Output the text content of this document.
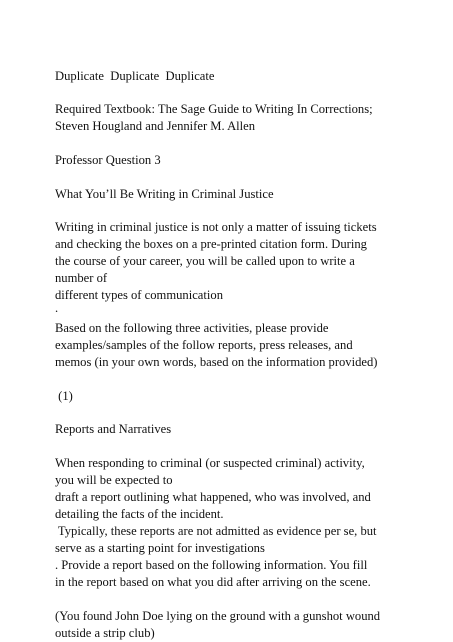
Duplicate  Duplicate  Duplicate

Required Textbook: The Sage Guide to Writing In Corrections;

Steven Hougland and Jennifer M. Allen

Professor Question 3

What You’ll Be Writing in Criminal Justice

Writing in criminal justice is not only a matter of issuing tickets

and checking the boxes on a pre-printed citation form. During

the course of your career, you will be called upon to write a

number of

different types of communication

.

Based on the following three activities, please provide

examples/samples of the follow reports, press releases, and

memos (in your own words, based on the information provided)

(1)

Reports and Narratives

When responding to criminal (or suspected criminal) activity,

you will be expected to

draft a report outlining what happened, who was involved, and

detailing the facts of the incident.

Typically, these reports are not admitted as evidence per se, but

serve as a starting point for investigations

. Provide a report based on the following information. You fill

in the report based on what you did after arriving on the scene.

(You found John Doe lying on the ground with a gunshot wound

outside a strip club)
